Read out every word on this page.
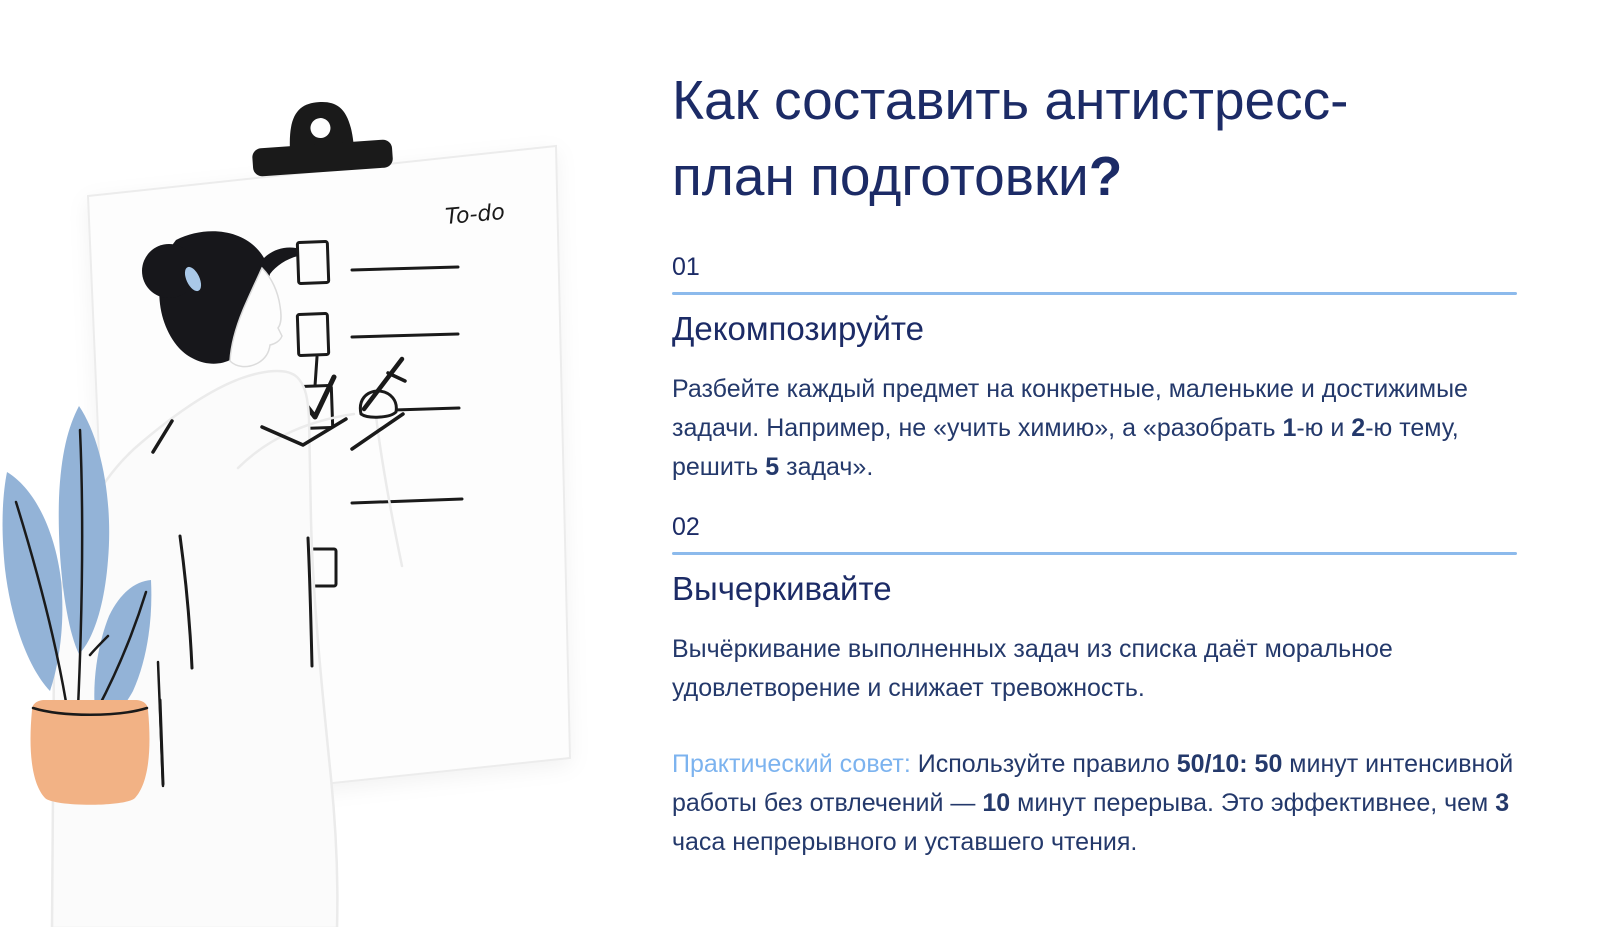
To-do
Как составить антистресс-
план подготовки?
01
Декомпозируйте

Разбейте каждый предмет на конкретные, маленькие и достижимые задачи. Например, не «учить химию», а «разобрать 1-ю и 2-ю тему, решить 5 задач».

02
Вычеркивайте

Вычёркивание выполненных задач из списка даёт моральное удовлетворение и снижает тревожность.

Практический совет: Используйте правило 50/10: 50 минут интенсивной работы без отвлечений — 10 минут перерыва. Это эффективнее, чем 3 часа непрерывного и уставшего чтения.
